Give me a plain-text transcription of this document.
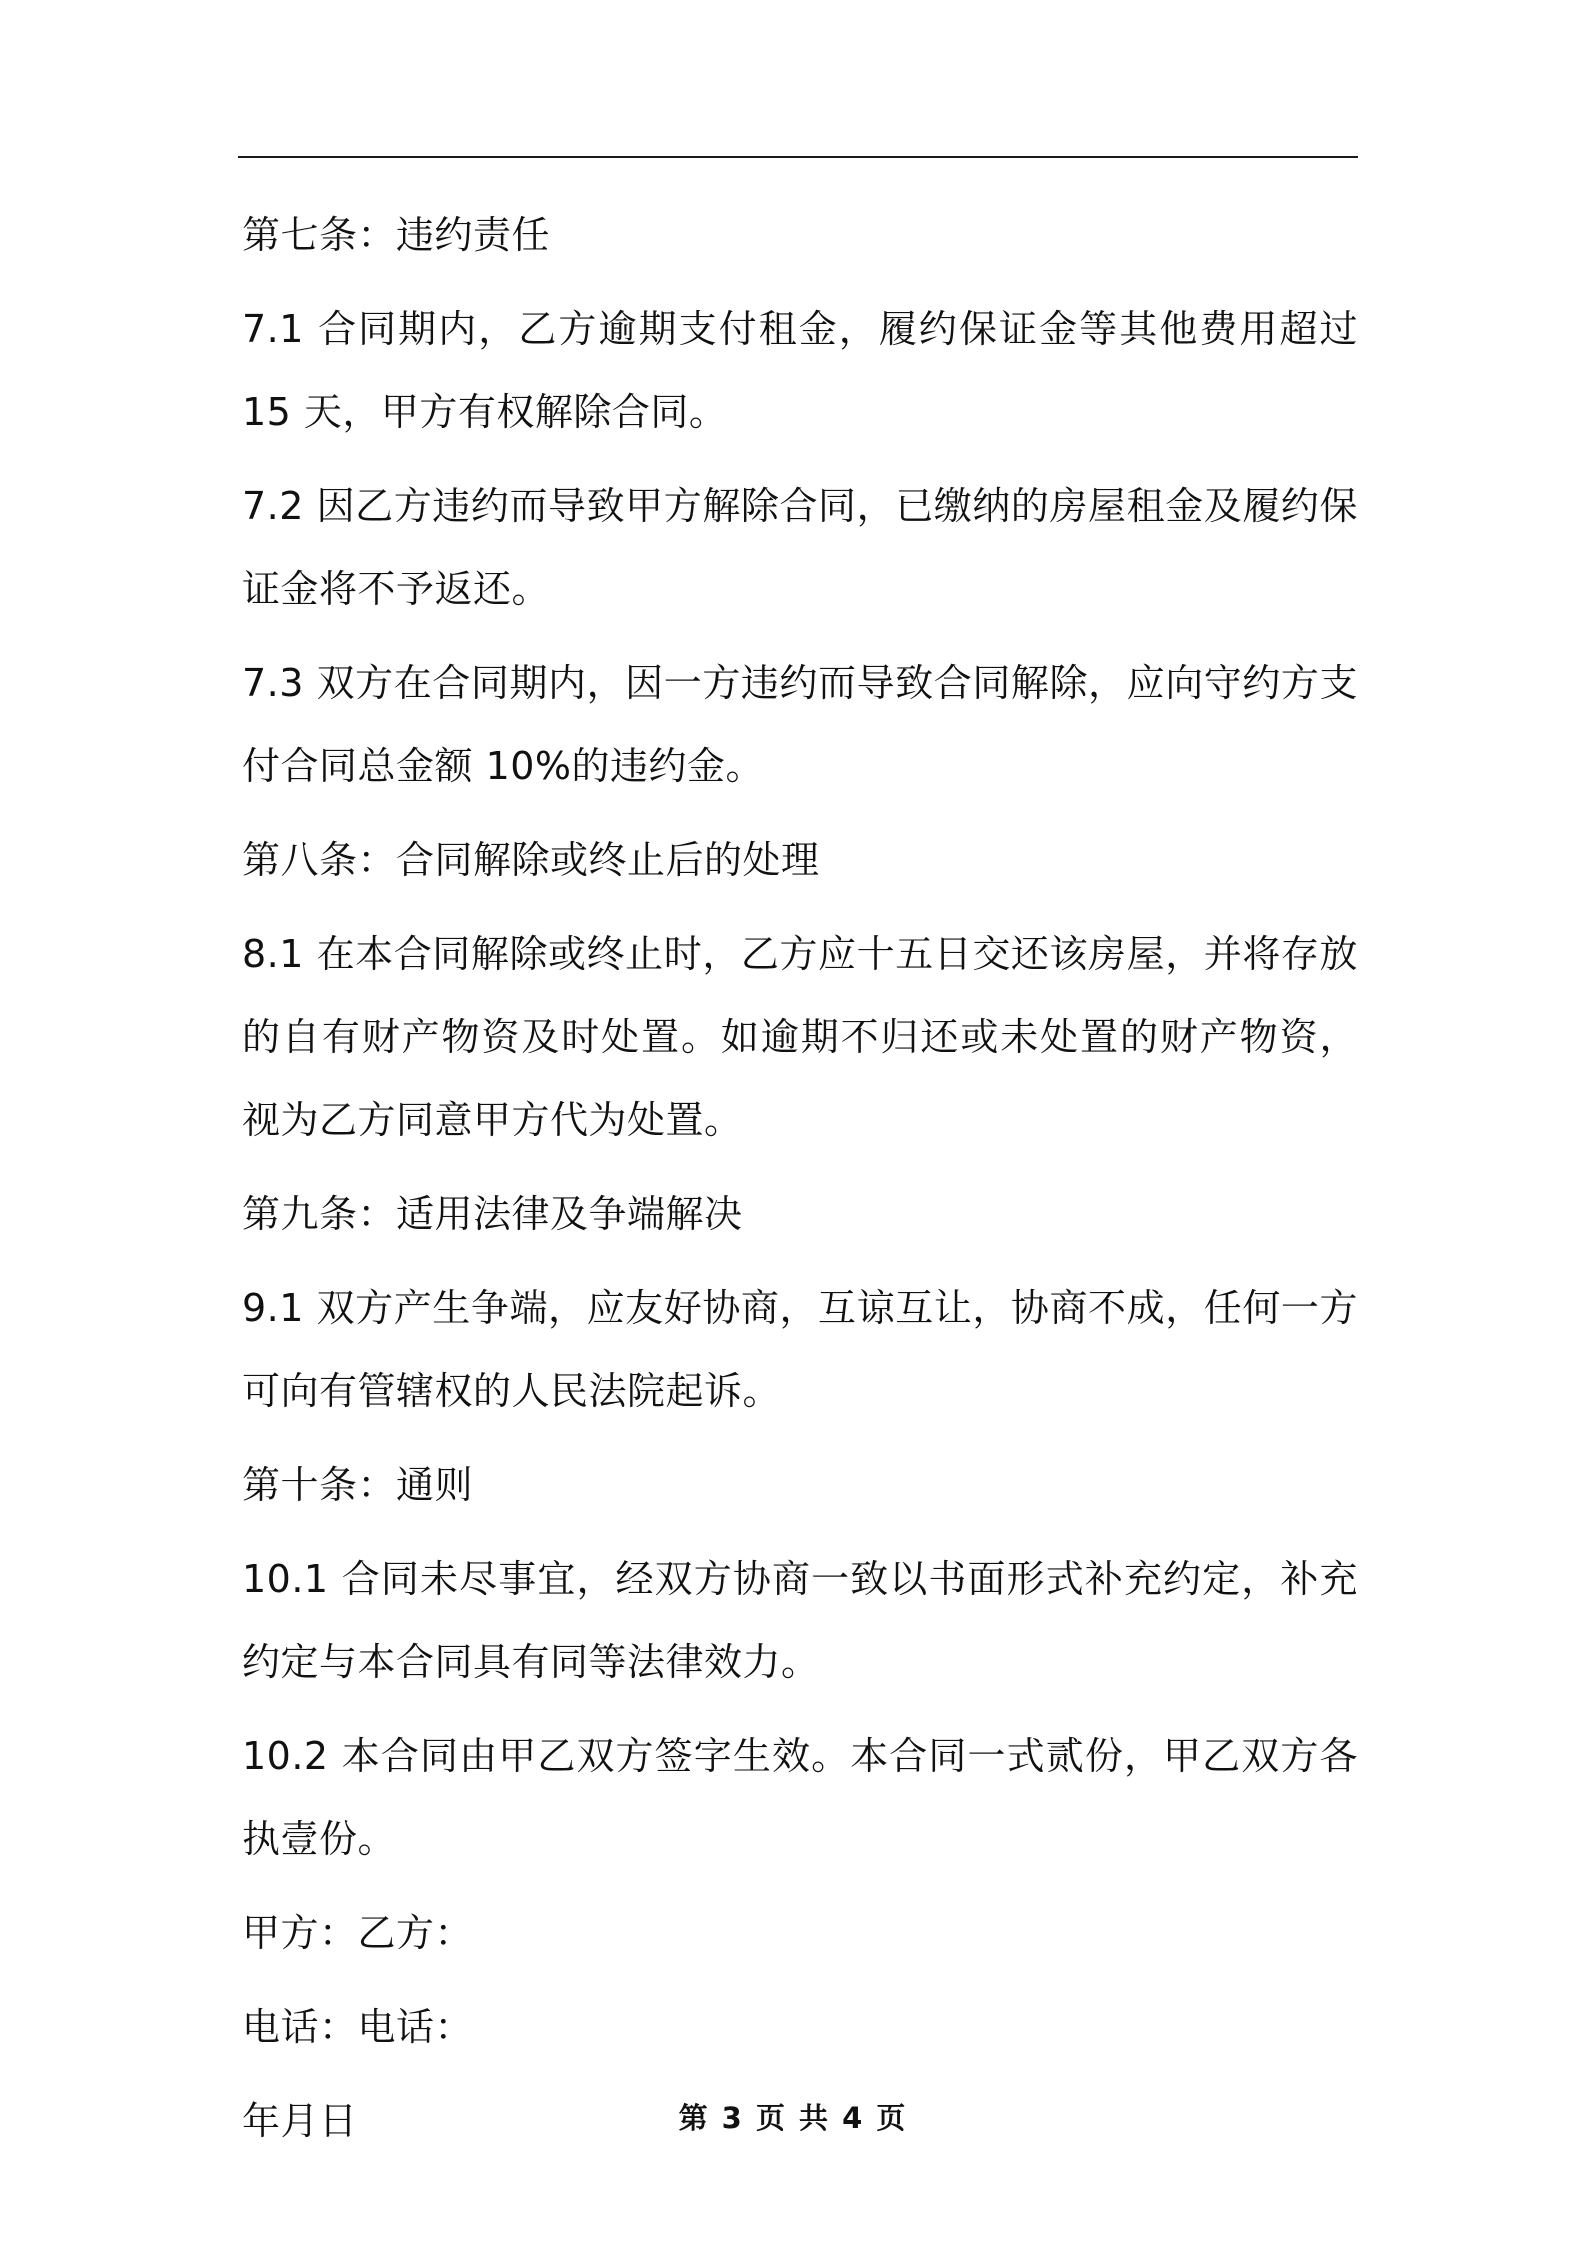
第七条：违约责任

7.1 合同期内，乙方逾期支付租金，履约保证金等其他费用超过 15 天，甲方有权解除合同。

7.2 因乙方违约而导致甲方解除合同，已缴纳的房屋租金及履约保证金将不予返还。

7.3 双方在合同期内，因一方违约而导致合同解除，应向守约方支付合同总金额 10%的违约金。

第八条：合同解除或终止后的处理

8.1 在本合同解除或终止时，乙方应十五日交还该房屋，并将存放的自有财产物资及时处置。如逾期不归还或未处置的财产物资，视为乙方同意甲方代为处置。

第九条：适用法律及争端解决

9.1 双方产生争端，应友好协商，互谅互让，协商不成，任何一方可向有管辖权的人民法院起诉。

第十条：通则

10.1 合同未尽事宜，经双方协商一致以书面形式补充约定，补充约定与本合同具有同等法律效力。

10.2 本合同由甲乙双方签字生效。本合同一式贰份，甲乙双方各执壹份。

甲方：乙方：

电话：电话：

年月日	第 3 页 共 4 页
